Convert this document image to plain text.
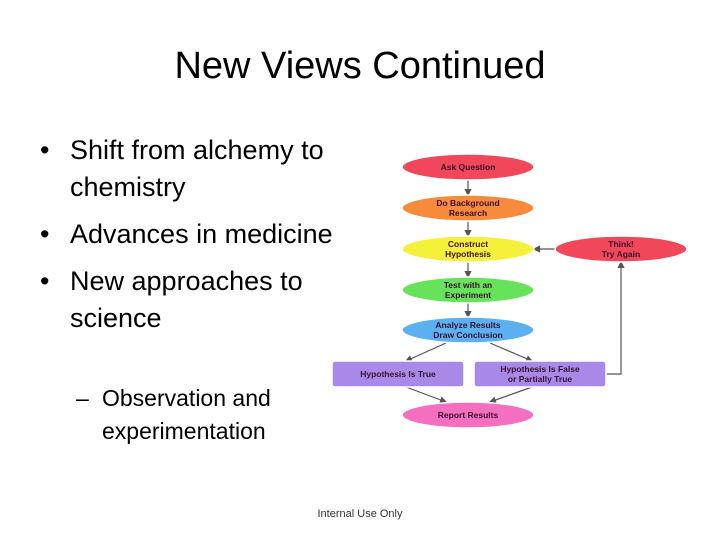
New Views Continued
• Shift from alchemy to chemistry
• Advances in medicine
• New approaches to science
– Observation and experimentation
Ask Question
Do Background
Research
Construct
Hypothesis
Test with an
Experiment
Analyze Results
Draw Conclusion
Hypothesis Is True	Hypothesis Is False
or Partially True
Report Results
Think!
Try Again
Internal Use Only
